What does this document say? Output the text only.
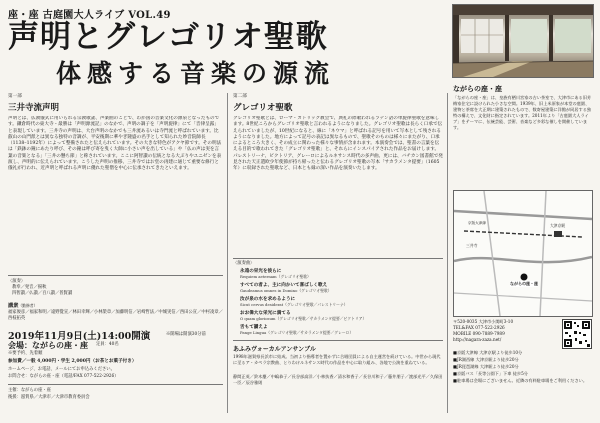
座・座 古庭園大人ライブ VOL.49
声明とグレゴリオ聖歌
体感する音楽の源流
第一部
三井寺流声明
声明とは、仏教儀式に用いられる宗教歌謡、声楽曲のことで、わが国の音楽文化の源泉となったものです。鎌倉時代の東大寺・最勝は「声明源流記」のなかで、声明の調子を「声明旋律」にて「音律呈露」と表現しています。三井寺の声明は、大台声明のなかでも三井流あるいは寺門流と呼ばれています。比叡山の山門派とは異なる独特の音調が、平安後期に華やぎ隆盛の名手として知られた妙音院師長（1138–1192年）によって整備されたと伝えられています。その大きな特色がアクヤ節です。その明法は「鉄鉢の鐘にあたり呼び、その鐘は呼び寄を曳く大師に小さい声を出している」や「仏の声は実を言葉の音楽となる」「三井の懸ち節」と称されています。ここに阿智讃の伝統となる大ぶりやユニゼンを表演し、声明的に伝えられています。こうした声明の推移、三井寺ではお堂の再建に通じて重要な修行と儀礼が行われ、近声明と呼ばれる声明に優れた聖僧を中心に伝承されてきたといえます。
〈演奏〉
教奉／発音／揚秋
四智讃／仏讃／百八讃／普賢讃
講衆（勤修者）
福家俊彦／福家和明／遠野覺宣／林田幸輝／小林榮章／加藤明信／岩崎哲法／中城実信／西田公宣／中村凌章／西枝拓英
2019年11月9日(土)14:00開演	※開場は開演30分前
会場：ながらの座・座 定員：40名
※要予約、先着順
参加費／一般 4,000円・学生 2,000円（お茶とお菓子付き）
ホームページ、お電話、メールにてお申込みください。
お問合せ：ながらの座・座（電話/FAX 077-522-2926）
主催：ながらの座・座
後援：滋賀県／大津市／大津市教育委員会
第二部
グレゴリオ聖歌
グレゴリオ聖歌とは、ローマ・カトリック教会で、典礼の際歌われるラテン語の単旋律聖歌を意味します。8世紀ころからグレゴリオ聖歌と言われるようになりました。グレゴリオ聖歌は長らく口承で伝えられていましたが、10世紀になると、線に「ネウマ」と呼ばれる記号を用いて写本として残されるようになりました。地方によって記号の表記は異なるもので、聖歌そのものは様々にまたがり、口承によるところ大きく、その成立に関わった様々な事情が含まれます。本演奏会では、聖書の言葉を伝える目的で歌われてきた「グレゴリオ聖歌」と、それらにインスパイアされた作品をお届けします。パレストリーナ、ビクトリア、グレーロによるルネサンス時代の多声曲、更には、バチカン図書館で発見された天正遣欧少年使節が持ち帰ったと伝わるグレゴリオ聖歌の写本「サカラメンタ提要」（1605年）に収録された聖歌など、日本とも縁の深い作品を演奏いたします。
〈演奏曲〉
永遠の栄光を彼らに
Requiem aeternam（グレゴリオ聖歌）
すべての者よ、主に向かいて喜ばしく歌え
Gaudeamus omnes in Domino（グレゴリオ聖歌）
汝が泉の水を求めるように
Sicut cervus desiderat（グレゴリオ聖歌／パレストリーナ）
おお偉大な栄光に満てる
O quam gloriosum（グレゴリオ聖歌／サカラメンタ提要／ビクトリア）
舌もて讃えよ
Pange Lingua（グレゴリオ聖歌／サカラメンタ提要／グレーロ）
あふみヴォーカルアンサンブル
1998年滋賀県長浜市に結成。当初より指導者を置かずに合唱団員による自主運営を続けている。中世から現代に至るア・カペラ宗教曲、とりわけルネサンス時代の作品を中心に取り組み、各地で公演を重ねている。
静間正英／鈴木慶／中嶋恭子／長谷部高洋／小林扶香／清水和香子／長谷川和子／藤井朋子／渡部光平／久保田一臣／辰谷雅則
ながらの座・座
「ながらの座・座」は、皇族有栖川宮家の古い茶室で、大津市にある旧芳梅家住宅に設けられた小さな空間。1939年、旧上米原家が本堂の庭園、建物と茶席を大正期に建築されたもので、数寄屋建築に洋館が同居する独特の構えで、文化財に指定されています。2011年より「古庭園大人ライブ」をテーマに、伝統芸能、芸術、音楽など多彩な催しを開催しています。
ながらの座・座
三井寺
大津京駅
京阪大津線
〒520-0035 大津市小関町3-10
TEL&FAX 077-522-2926
MOBILE 090-7889-7989
http://nagara-zaza.net/
■京阪大津線 大津京駅より徒歩10分
■JR湖西線 大津京駅より徒歩20分
■JR琵琶湖線 大津駅より徒歩20分
■京阪バス「長等公園下」下車 徒歩5分
■駐車場は会場にございません。近隣の有料駐車場をご利用ください。
